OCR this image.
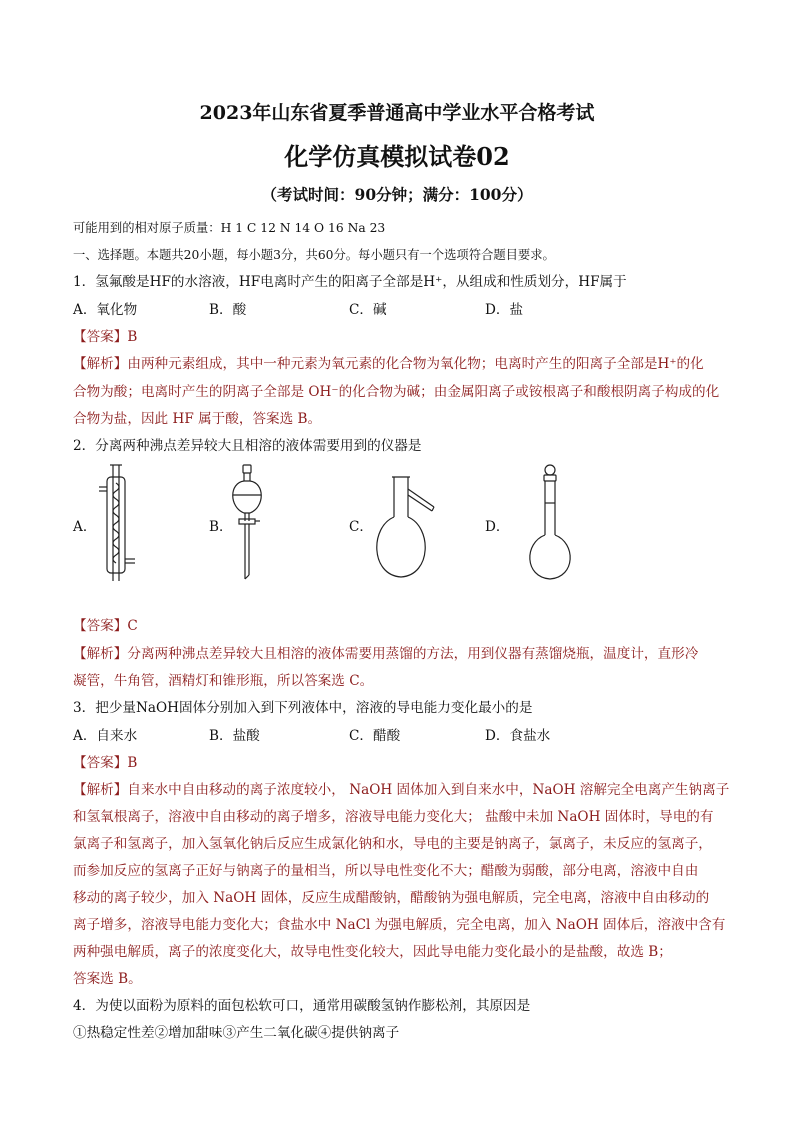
2023年山东省夏季普通高中学业水平合格考试
化学仿真模拟试卷02
（考试时间：90分钟；满分：100分）
可能用到的相对原子质量：H 1 C 12 N 14 O 16 Na 23
一、选择题。本题共20小题，每小题3分，共60分。每小题只有一个选项符合题目要求。
1．氢氟酸是HF的水溶液，HF电离时产生的阳离子全部是H⁺，从组成和性质划分，HF属于
A．氧化物	B．酸	C．碱	D．盐
【答案】B
【解析】由两种元素组成，其中一种元素为氧元素的化合物为氧化物；电离时产生的阳离子全部是H⁺的化
合物为酸；电离时产生的阴离子全部是 OH⁻的化合物为碱；由金属阳离子或铵根离子和酸根阴离子构成的化
合物为盐，因此 HF 属于酸，答案选 B。
2．分离两种沸点差异较大且相溶的液体需要用到的仪器是
A．	B．	C．	D．
【答案】C
【解析】分离两种沸点差异较大且相溶的液体需要用蒸馏的方法，用到仪器有蒸馏烧瓶，温度计，直形冷
凝管，牛角管，酒精灯和锥形瓶，所以答案选 C。
3．把少量NaOH固体分别加入到下列液体中，溶液的导电能力变化最小的是
A．自来水	B．盐酸	C．醋酸	D．食盐水
【答案】B
【解析】自来水中自由移动的离子浓度较小， NaOH 固体加入到自来水中，NaOH 溶解完全电离产生钠离子
和氢氧根离子，溶液中自由移动的离子增多，溶液导电能力变化大； 盐酸中未加 NaOH 固体时，导电的有
氯离子和氢离子，加入氢氧化钠后反应生成氯化钠和水，导电的主要是钠离子，氯离子，未反应的氢离子，
而参加反应的氢离子正好与钠离子的量相当，所以导电性变化不大；醋酸为弱酸，部分电离，溶液中自由
移动的离子较少，加入 NaOH 固体，反应生成醋酸钠，醋酸钠为强电解质，完全电离，溶液中自由移动的
离子增多，溶液导电能力变化大；食盐水中 NaCl 为强电解质，完全电离，加入 NaOH 固体后，溶液中含有
两种强电解质，离子的浓度变化大，故导电性变化较大，因此导电能力变化最小的是盐酸，故选 B；
答案选 B。
4．为使以面粉为原料的面包松软可口，通常用碳酸氢钠作膨松剂，其原因是
①热稳定性差②增加甜味③产生二氧化碳④提供钠离子
